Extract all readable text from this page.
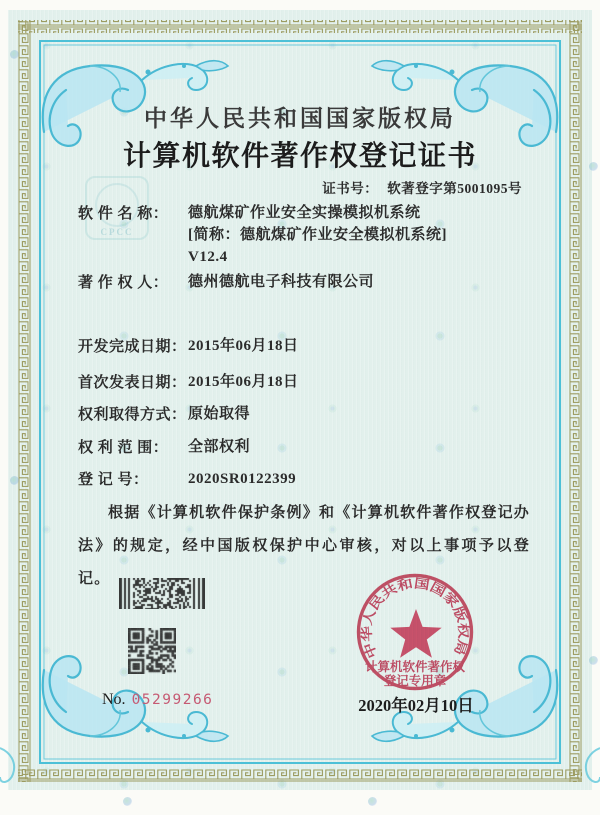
CPCC
中华人民共和国国家版权局
计算机软件著作权登记证书
证书号： 软著登字第5001095号
软 件 名 称： 德航煤矿作业安全实操模拟机系统
[简称：德航煤矿作业安全模拟机系统]
V12.4
著 作 权 人： 德州德航电子科技有限公司
开发完成日期： 2015年06月18日
首次发表日期： 2015年06月18日
权利取得方式： 原始取得
权 利 范 围： 全部权利
登 记 号：	2020SR0122399
根据《计算机软件保护条例》和《计算机软件著作权登记办法》的规定，经中国版权保护中心审核，对以上事项予以登记。
No. 05299266
中华人民共和国国家版权局
计算机软件著作权
登记专用章
2020年02月10日
